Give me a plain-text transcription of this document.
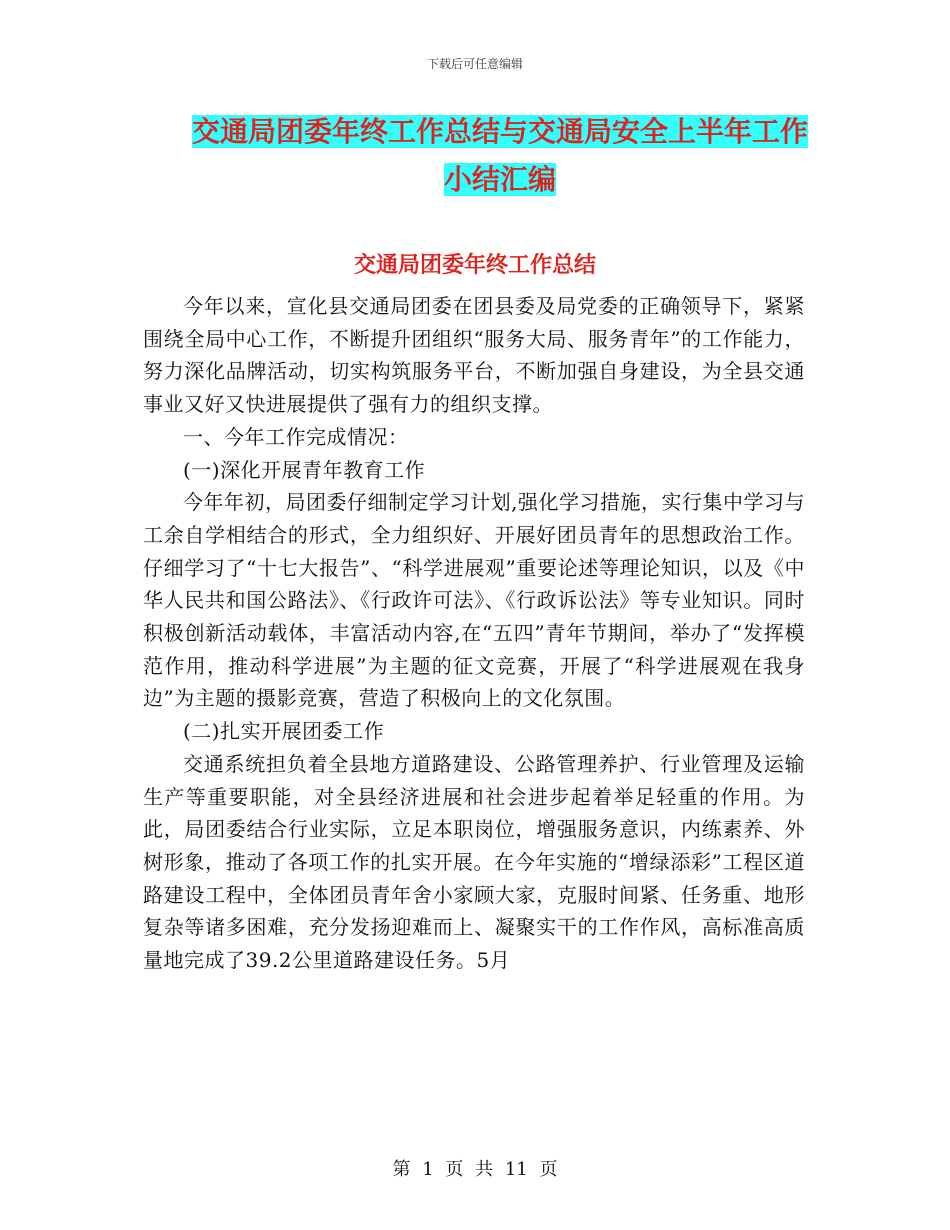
下载后可任意编辑
交通局团委年终工作总结与交通局安全上半年工作小结汇编
交通局团委年终工作总结

今年以来，宣化县交通局团委在团县委及局党委的正确领导下，紧紧围绕全局中心工作，不断提升团组织“服务大局、服务青年”的工作能力，努力深化品牌活动，切实构筑服务平台，不断加强自身建设，为全县交通事业又好又快进展提供了强有力的组织支撑。

一、今年工作完成情况：

(一)深化开展青年教育工作

今年年初，局团委仔细制定学习计划,强化学习措施，实行集中学习与工余自学相结合的形式，全力组织好、开展好团员青年的思想政治工作。仔细学习了“十七大报告”、“科学进展观”重要论述等理论知识，以及《中华人民共和国公路法》、《行政许可法》、《行政诉讼法》等专业知识。同时积极创新活动载体，丰富活动内容,在“五四”青年节期间，举办了“发挥模范作用，推动科学进展”为主题的征文竞赛，开展了“科学进展观在我身边”为主题的摄影竞赛，营造了积极向上的文化氛围。

(二)扎实开展团委工作

交通系统担负着全县地方道路建设、公路管理养护、行业管理及运输生产等重要职能，对全县经济进展和社会进步起着举足轻重的作用。为此，局团委结合行业实际，立足本职岗位，增强服务意识，内练素养、外树形象，推动了各项工作的扎实开展。在今年实施的“增绿添彩”工程区道路建设工程中，全体团员青年舍小家顾大家，克服时间紧、任务重、地形复杂等诸多困难，充分发扬迎难而上、凝聚实干的工作作风，高标准高质量地完成了39.2公里道路建设任务。5月

第 1 页 共 11 页
